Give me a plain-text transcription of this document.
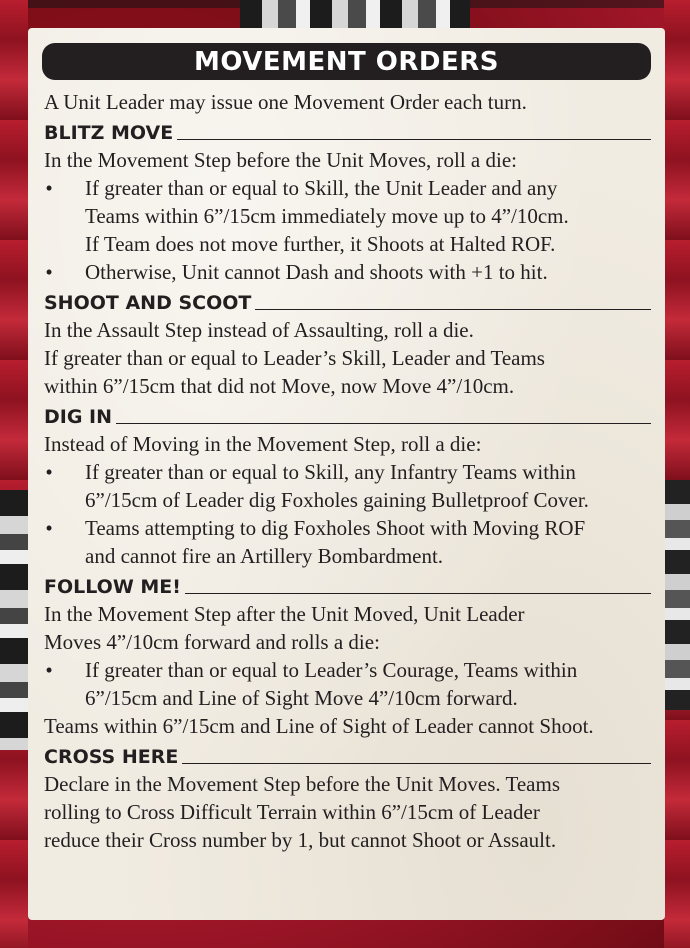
MOVEMENT ORDERS
A Unit Leader may issue one Movement Order each turn.
BLITZ MOVE
In the Movement Step before the Unit Moves, roll a die:
• If greater than or equal to Skill, the Unit Leader and any
Teams within 6”/15cm immediately move up to 4”/10cm.
If Team does not move further, it Shoots at Halted ROF.
• Otherwise, Unit cannot Dash and shoots with +1 to hit.
SHOOT AND SCOOT
In the Assault Step instead of Assaulting, roll a die.
If greater than or equal to Leader’s Skill, Leader and Teams
within 6”/15cm that did not Move, now Move 4”/10cm.
DIG IN
Instead of Moving in the Movement Step, roll a die:
• If greater than or equal to Skill, any Infantry Teams within
6”/15cm of Leader dig Foxholes gaining Bulletproof Cover.
• Teams attempting to dig Foxholes Shoot with Moving ROF
and cannot fire an Artillery Bombardment.
FOLLOW ME!
In the Movement Step after the Unit Moved, Unit Leader
Moves 4”/10cm forward and rolls a die:
• If greater than or equal to Leader’s Courage, Teams within
6”/15cm and Line of Sight Move 4”/10cm forward.
Teams within 6”/15cm and Line of Sight of Leader cannot Shoot.
CROSS HERE
Declare in the Movement Step before the Unit Moves. Teams
rolling to Cross Difficult Terrain within 6”/15cm of Leader
reduce their Cross number by 1, but cannot Shoot or Assault.
